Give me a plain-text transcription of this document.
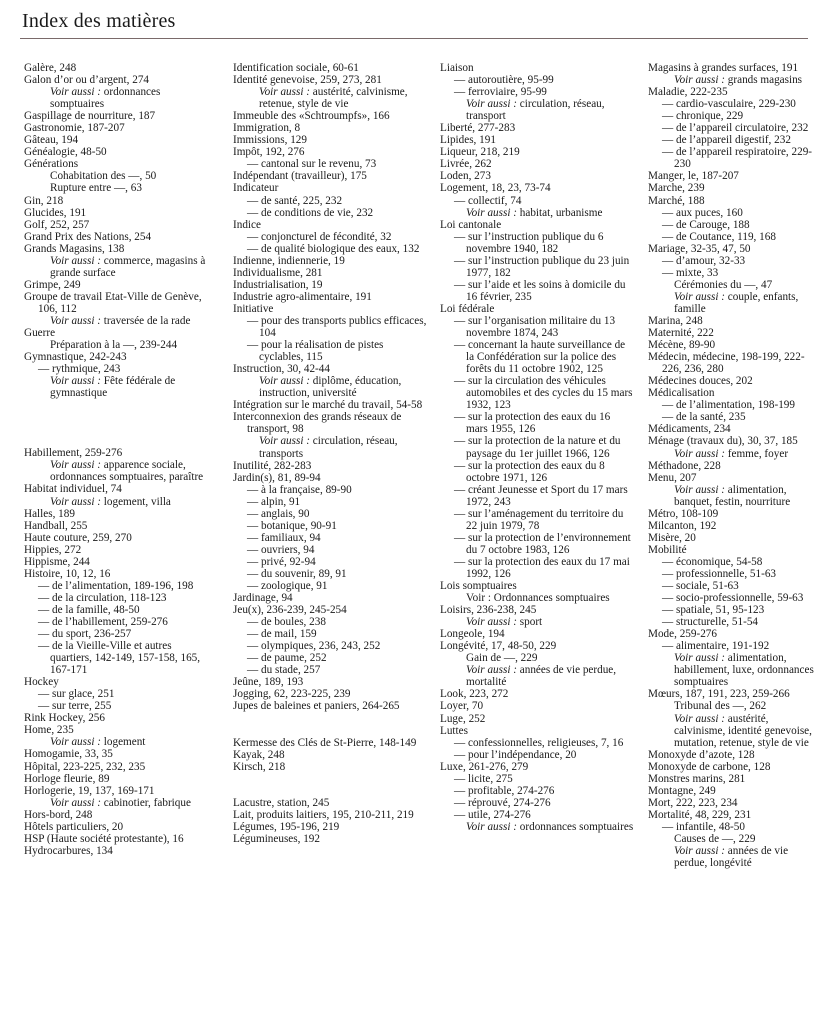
Index des matières
Galère, 248
Galon d’or ou d’argent, 274
Voir aussi : ordonnances somptuaires
Gaspillage de nourriture, 187
Gastronomie, 187-207
Gâteau, 194
Généalogie, 48-50
Générations
Cohabitation des —, 50
Rupture entre —, 63
Gin, 218
Glucides, 191
Golf, 252, 257
Grand Prix des Nations, 254
Grands Magasins, 138
Voir aussi : commerce, magasins à grande surface
Grimpe, 249
Groupe de travail Etat-Ville de Genève, 106, 112
Voir aussi : traversée de la rade
Guerre
Préparation à la —, 239-244
Gymnastique, 242-243
— rythmique, 243
Voir aussi : Fête fédérale de gymnastique
Habillement, 259-276
Voir aussi : apparence sociale, ordonnances somptuaires, paraître
Habitat individuel, 74
Voir aussi : logement, villa
Halles, 189
Handball, 255
Haute couture, 259, 270
Hippies, 272
Hippisme, 244
Histoire, 10, 12, 16
— de l’alimentation, 189-196, 198
— de la circulation, 118-123
— de la famille, 48-50
— de l’habillement, 259-276
— du sport, 236-257
— de la Vieille-Ville et autres quartiers, 142-149, 157-158, 165, 167-171
Hockey
— sur glace, 251
— sur terre, 255
Rink Hockey, 256
Home, 235
Voir aussi : logement
Homogamie, 33, 35
Hôpital, 223-225, 232, 235
Horloge fleurie, 89
Horlogerie, 19, 137, 169-171
Voir aussi : cabinotier, fabrique
Hors-bord, 248
Hôtels particuliers, 20
HSP (Haute société protestante), 16
Hydrocarbures, 134
Identification sociale, 60-61
Identité genevoise, 259, 273, 281
Voir aussi : austérité, calvinisme, retenue, style de vie
Immeuble des «Schtroumpfs», 166
Immigration, 8
Immissions, 129
Impôt, 192, 276
— cantonal sur le revenu, 73
Indépendant (travailleur), 175
Indicateur
— de santé, 225, 232
— de conditions de vie, 232
Indice
— conjoncturel de fécondité, 32
— de qualité biologique des eaux, 132
Indienne, indiennerie, 19
Individualisme, 281
Industrialisation, 19
Industrie agro-alimentaire, 191
Initiative
— pour des transports publics efficaces, 104
— pour la réalisation de pistes cyclables, 115
Instruction, 30, 42-44
Voir aussi : diplôme, éducation, instruction, université
Intégration sur le marché du travail, 54-58
Interconnexion des grands réseaux de transport, 98
Voir aussi : circulation, réseau, transports
Inutilité, 282-283
Jardin(s), 81, 89-94
— à la française, 89-90
— alpin, 91
— anglais, 90
— botanique, 90-91
— familiaux, 94
— ouvriers, 94
— privé, 92-94
— du souvenir, 89, 91
— zoologique, 91
Jardinage, 94
Jeu(x), 236-239, 245-254
— de boules, 238
— de mail, 159
— olympiques, 236, 243, 252
— de paume, 252
— du stade, 257
Jeûne, 189, 193
Jogging, 62, 223-225, 239
Jupes de baleines et paniers, 264-265
Kermesse des Clés de St-Pierre, 148-149
Kayak, 248
Kirsch, 218
Lacustre, station, 245
Lait, produits laitiers, 195, 210-211, 219
Légumes, 195-196, 219
Légumineuses, 192
Liaison
— autoroutière, 95-99
— ferroviaire, 95-99
Voir aussi : circulation, réseau, transport
Liberté, 277-283
Lipides, 191
Liqueur, 218, 219
Livrée, 262
Loden, 273
Logement, 18, 23, 73-74
— collectif, 74
Voir aussi : habitat, urbanisme
Loi cantonale
— sur l’instruction publique du 6 novembre 1940, 182
— sur l’instruction publique du 23 juin 1977, 182
— sur l’aide et les soins à domicile du 16 février, 235
Loi fédérale
— sur l’organisation militaire du 13 novembre 1874, 243
— concernant la haute surveillance de la Confédération sur la police des forêts du 11 octobre 1902, 125
— sur la circulation des véhicules automobiles et des cycles du 15 mars 1932, 123
— sur la protection des eaux du 16 mars 1955, 126
— sur la protection de la nature et du paysage du 1er juillet 1966, 126
— sur la protection des eaux du 8 octobre 1971, 126
— créant Jeunesse et Sport du 17 mars 1972, 243
— sur l’aménagement du territoire du 22 juin 1979, 78
— sur la protection de l’environnement du 7 octobre 1983, 126
— sur la protection des eaux du 17 mai 1992, 126
Lois somptuaires
Voir : Ordonnances somptuaires
Loisirs, 236-238, 245
Voir aussi : sport
Longeole, 194
Longévité, 17, 48-50, 229
Gain de —, 229
Voir aussi : années de vie perdue, mortalité
Look, 223, 272
Loyer, 70
Luge, 252
Luttes
— confessionnelles, religieuses, 7, 16
— pour l’indépendance, 20
Luxe, 261-276, 279
— licite, 275
— profitable, 274-276
— réprouvé, 274-276
— utile, 274-276
Voir aussi : ordonnances somptuaires
Magasins à grandes surfaces, 191
Voir aussi : grands magasins
Maladie, 222-235
— cardio-vasculaire, 229-230
— chronique, 229
— de l’appareil circulatoire, 232
— de l’appareil digestif, 232
— de l’appareil respiratoire, 229-230
Manger, le, 187-207
Marche, 239
Marché, 188
— aux puces, 160
— de Carouge, 188
— de Coutance, 119, 168
Mariage, 32-35, 47, 50
— d’amour, 32-33
— mixte, 33
Cérémonies du —, 47
Voir aussi : couple, enfants, famille
Marina, 248
Maternité, 222
Mécène, 89-90
Médecin, médecine, 198-199, 222-226, 236, 280
Médecines douces, 202
Médicalisation
— de l’alimentation, 198-199
— de la santé, 235
Médicaments, 234
Ménage (travaux du), 30, 37, 185
Voir aussi : femme, foyer
Méthadone, 228
Menu, 207
Voir aussi : alimentation, banquet, festin, nourriture
Métro, 108-109
Milcanton, 192
Misère, 20
Mobilité
— économique, 54-58
— professionnelle, 51-63
— sociale, 51-63
— socio-professionnelle, 59-63
— spatiale, 51, 95-123
— structurelle, 51-54
Mode, 259-276
— alimentaire, 191-192
Voir aussi : alimentation, habillement, luxe, ordonnances somptuaires
Mœurs, 187, 191, 223, 259-266
Tribunal des —, 262
Voir aussi : austérité, calvinisme, identité genevoise, mutation, retenue, style de vie
Monoxyde d’azote, 128
Monoxyde de carbone, 128
Monstres marins, 281
Montagne, 249
Mort, 222, 223, 234
Mortalité, 48, 229, 231
— infantile, 48-50
Causes de —, 229
Voir aussi : années de vie perdue, longévité
